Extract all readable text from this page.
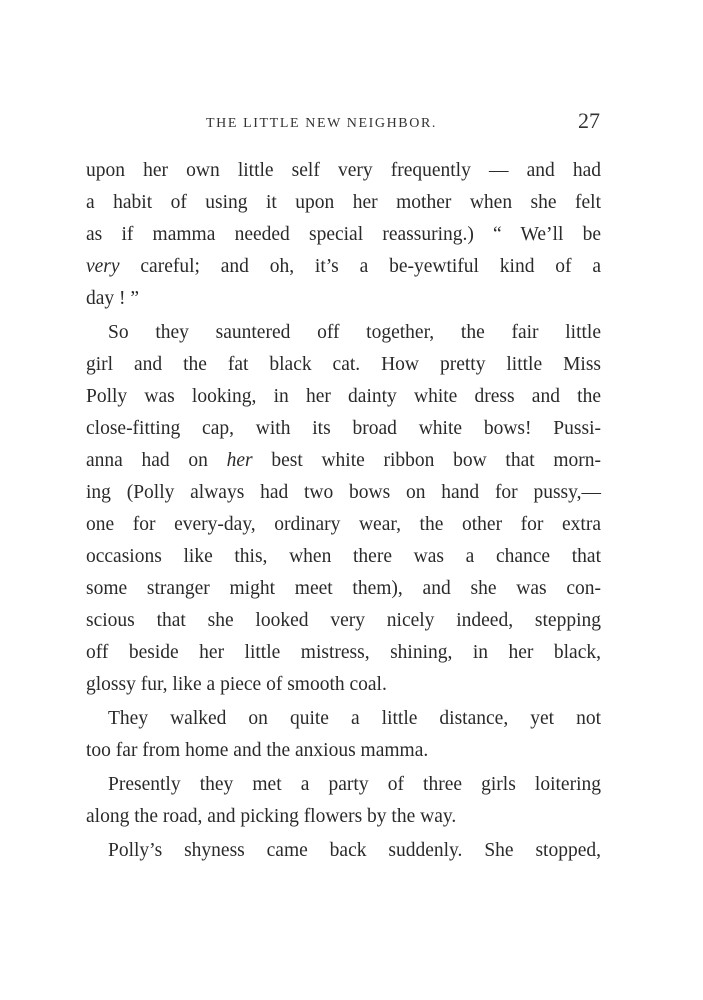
THE LITTLE NEW NEIGHBOR.	27
upon her own little self very frequently — and had
a habit of using it upon her mother when she felt
as if mamma needed special reassuring.) “ We’ll be
very careful; and oh, it’s a be-yewtiful kind of a
day ! ”
So they sauntered off together, the fair little
girl and the fat black cat. How pretty little Miss
Polly was looking, in her dainty white dress and the
close-fitting cap, with its broad white bows! Pussi-
anna had on her best white ribbon bow that morn-
ing (Polly always had two bows on hand for pussy,—
one for every-day, ordinary wear, the other for extra
occasions like this, when there was a chance that
some stranger might meet them), and she was con-
scious that she looked very nicely indeed, stepping
off beside her little mistress, shining, in her black,
glossy fur, like a piece of smooth coal.
They walked on quite a little distance, yet not
too far from home and the anxious mamma.
Presently they met a party of three girls loitering
along the road, and picking flowers by the way.
Polly’s shyness came back suddenly. She stopped,
